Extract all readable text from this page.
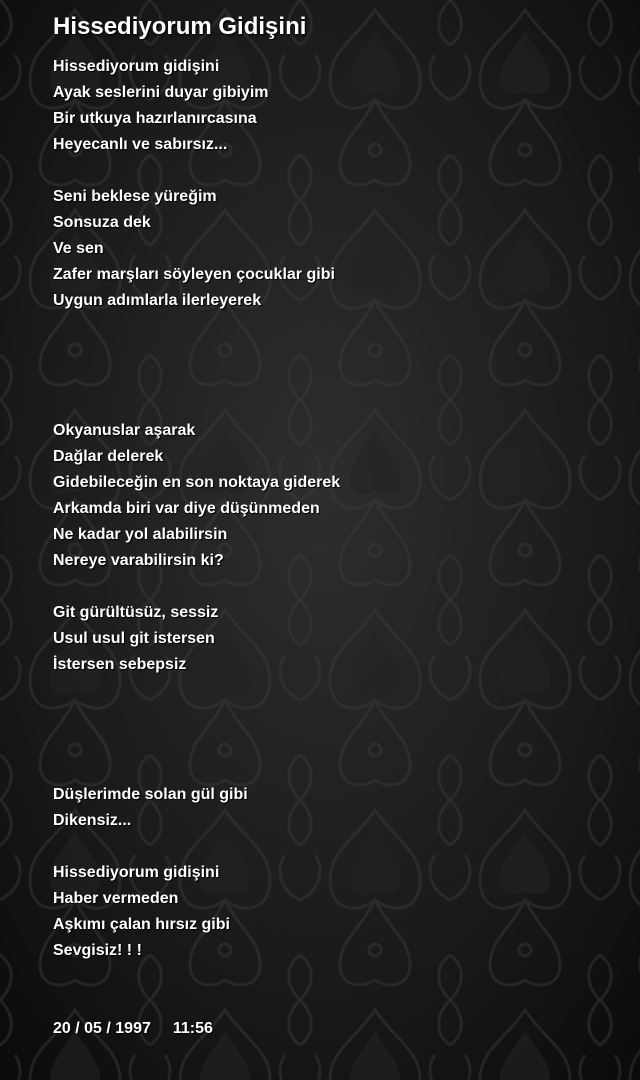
Hissediyorum Gidişini
Hissediyorum gidişini
Ayak seslerini duyar gibiyim
Bir utkuya hazırlanırcasına
Heyecanlı ve sabırsız...
Seni beklese yüreğim
Sonsuza dek
Ve sen
Zafer marşları söyleyen çocuklar gibi
Uygun adımlarla ilerleyerek
Okyanuslar aşarak
Dağlar delerek
Gidebileceğin en son noktaya giderek
Arkamda biri var diye düşünmeden
Ne kadar yol alabilirsin
Nereye varabilirsin ki?
Git gürültüsüz, sessiz
Usul usul git istersen
İstersen sebepsiz
Düşlerimde solan gül gibi
Dikensiz...
Hissediyorum gidişini
Haber vermeden
Aşkımı çalan hırsız gibi
Sevgisiz! ! !
20 / 05 / 1997 11:56
